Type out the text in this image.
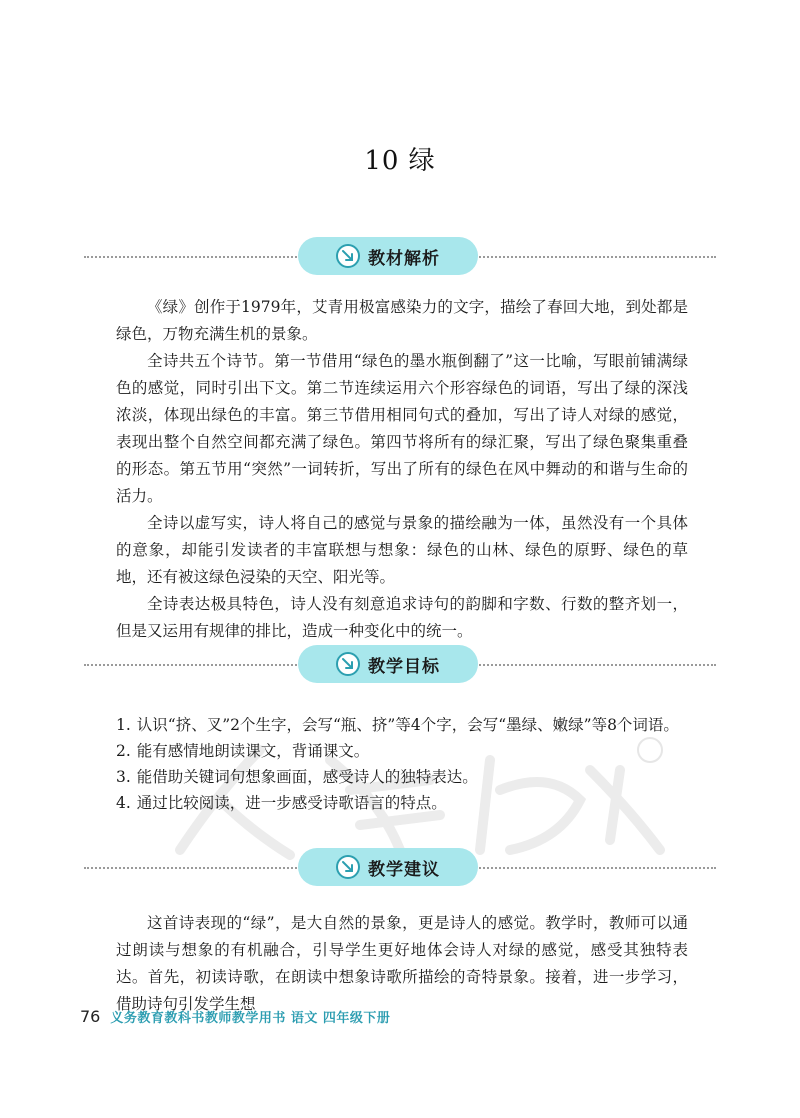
10 绿
教材解析

《绿》创作于1979年，艾青用极富感染力的文字，描绘了春回大地，到处都是绿色，万物充满生机的景象。

全诗共五个诗节。第一节借用“绿色的墨水瓶倒翻了”这一比喻，写眼前铺满绿色的感觉，同时引出下文。第二节连续运用六个形容绿色的词语，写出了绿的深浅浓淡，体现出绿色的丰富。第三节借用相同句式的叠加，写出了诗人对绿的感觉，表现出整个自然空间都充满了绿色。第四节将所有的绿汇聚，写出了绿色聚集重叠的形态。第五节用“突然”一词转折，写出了所有的绿色在风中舞动的和谐与生命的活力。

全诗以虚写实，诗人将自己的感觉与景象的描绘融为一体，虽然没有一个具体的意象，却能引发读者的丰富联想与想象：绿色的山林、绿色的原野、绿色的草地，还有被这绿色浸染的天空、阳光等。

全诗表达极具特色，诗人没有刻意追求诗句的韵脚和字数、行数的整齐划一，但是又运用有规律的排比，造成一种变化中的统一。

教学目标
1. 认识“挤、叉”2个生字，会写“瓶、挤”等4个字，会写“墨绿、嫩绿”等8个词语。
2. 能有感情地朗读课文，背诵课文。
3. 能借助关键词句想象画面，感受诗人的独特表达。
4. 通过比较阅读，进一步感受诗歌语言的特点。
教学建议

这首诗表现的“绿”，是大自然的景象，更是诗人的感觉。教学时，教师可以通过朗读与想象的有机融合，引导学生更好地体会诗人对绿的感觉，感受其独特表达。首先，初读诗歌，在朗读中想象诗歌所描绘的奇特景象。接着，进一步学习，借助诗句引发学生想

76 义务教育教科书教师教学用书 语文 四年级下册
